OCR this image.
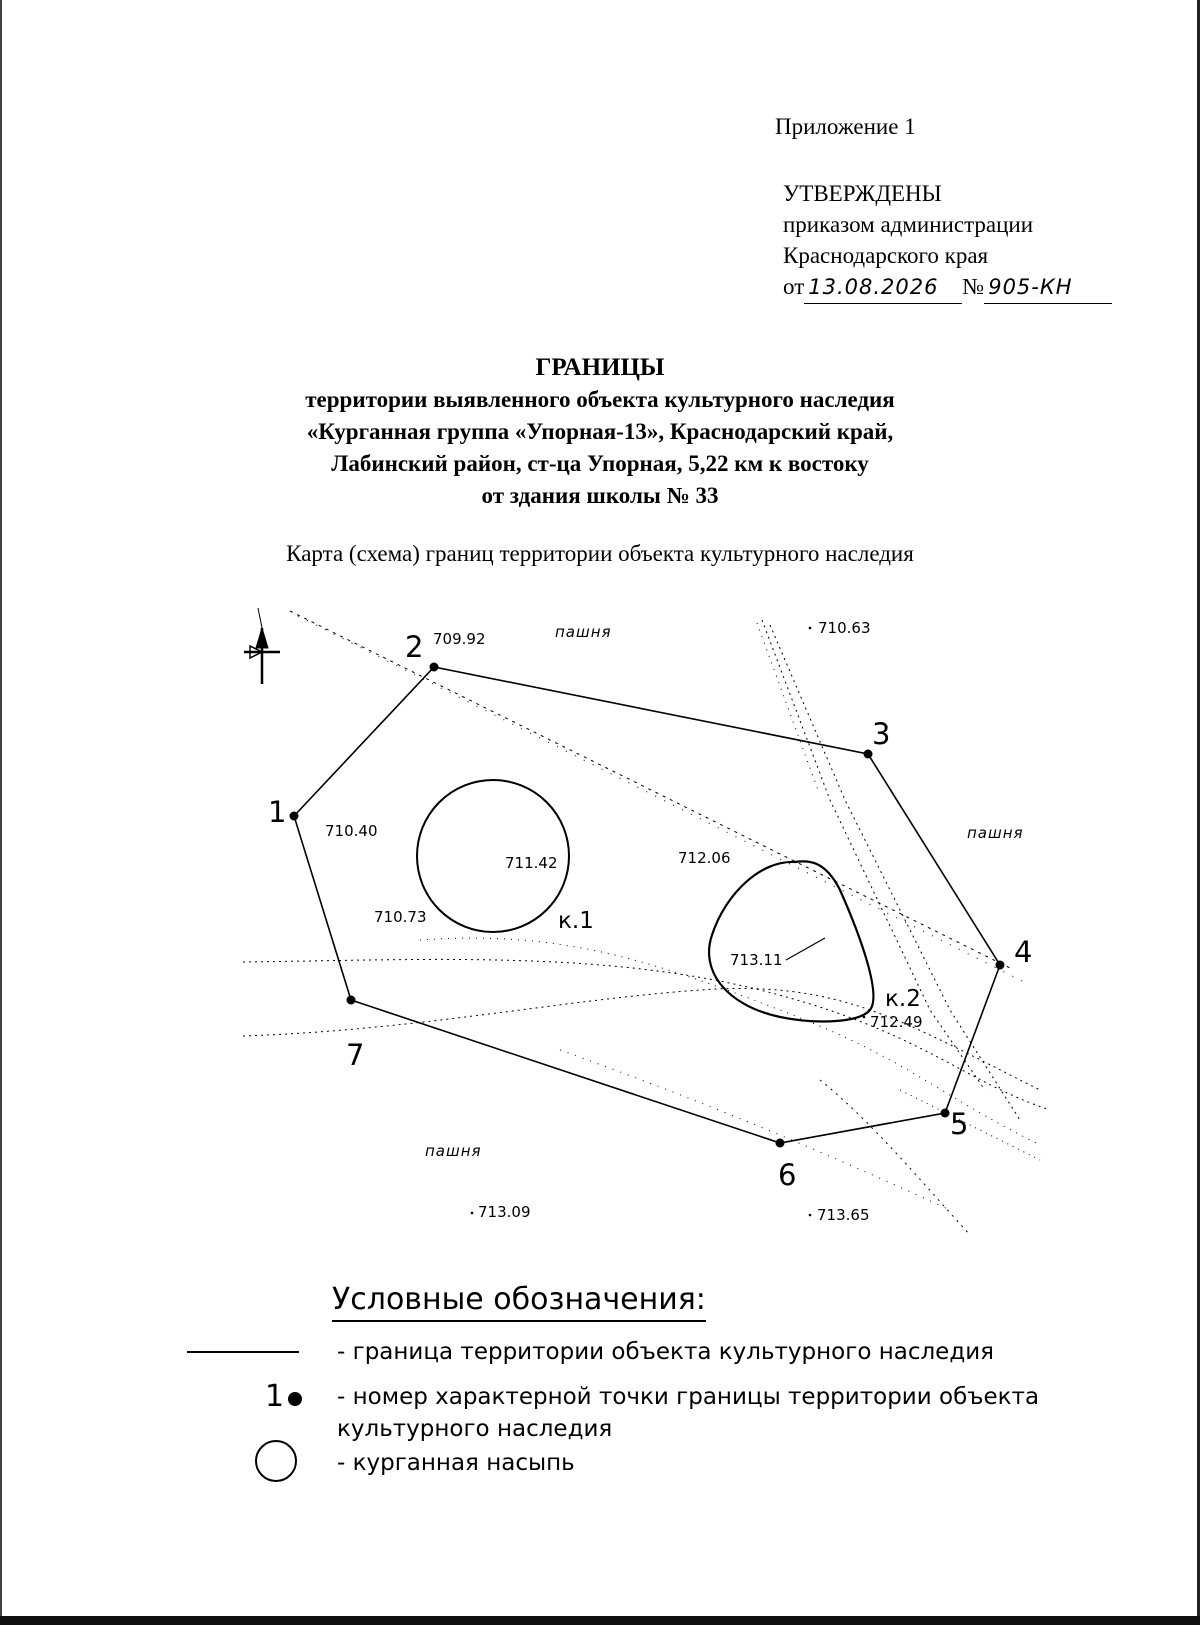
Приложение 1
УТВЕРЖДЕНЫ
приказом администрации
Краснодарского края
от 13.08.2026 № 905-КН
ГРАНИЦЫ
территории выявленного объекта культурного наследия
«Курганная группа «Упорная-13», Краснодарский край,
Лабинский район, ст-ца Упорная, 5,22 км к востоку
от здания школы № 33
Карта (схема) границ территории объекта культурного наследия
1
2
3
4
5
6
7
709.92
710.63
710.40
711.42	712.06
710.73
713.11
712.49
713.09	713.65
пашня
пашня
пашня
к.1
к.2
Условные обозначения:
- граница территории объекта культурного наследия
1 - номер характерной точки границы территории объекта
культурного наследия
- курганная насыпь
